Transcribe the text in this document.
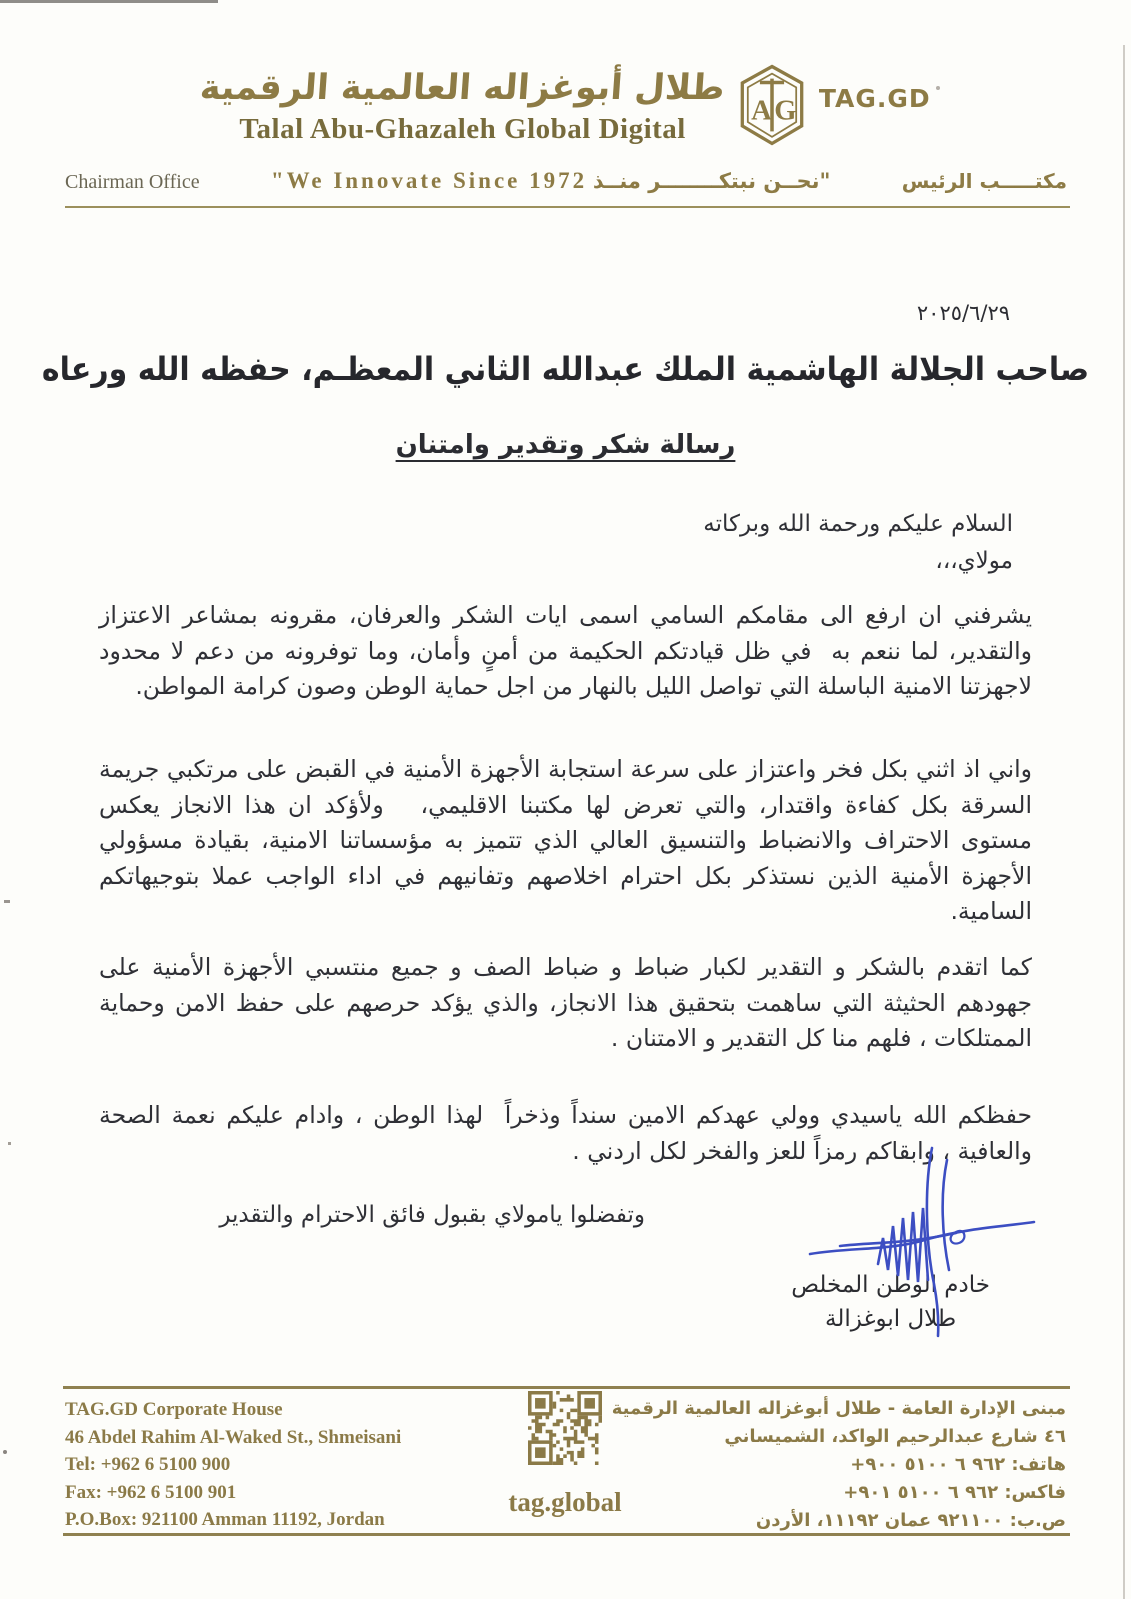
طلال أبوغزاله العالمية الرقمية
Talal Abu-Ghazaleh Global Digital
A G TAG.GD
Chairman Office	"We Innovate Since 1972 "نحــن نبتكــــــــر منــذ	مكتـــــب الرئيس
٢٠٢٥/٦/٢٩
صاحب الجلالة الهاشمية الملك عبدالله الثاني المعظـم، حفظه الله ورعاه
رسالة شكر وتقدير وامتنان
السلام عليكم ورحمة الله وبركاته
مولاي،،،
يشرفني ان ارفع الى مقامكم السامي اسمى ايات الشكر والعرفان، مقرونه بمشاعر الاعتزاز والتقدير، لما ننعم به  في ظل قيادتكم الحكيمة من أمنٍ وأمان، وما توفرونه من دعم لا محدود لاجهزتنا الامنية الباسلة التي تواصل الليل بالنهار من اجل حماية الوطن وصون كرامة المواطن.
واني اذ اثني بكل فخر واعتزاز على سرعة استجابة الأجهزة الأمنية في القبض على مرتكبي جريمة السرقة بكل كفاءة واقتدار، والتي تعرض لها مكتبنا الاقليمي،   ولأؤكد ان هذا الانجاز يعكس مستوى الاحتراف والانضباط والتنسيق العالي الذي تتميز به مؤسساتنا الامنية، بقيادة مسؤولي الأجهزة الأمنية الذين نستذكر بكل احترام اخلاصهم وتفانيهم في اداء الواجب عملا بتوجيهاتكم السامية.
كما اتقدم بالشكر و التقدير لكبار ضباط و ضباط الصف و جميع منتسبي الأجهزة الأمنية على جهودهم الحثيثة التي ساهمت بتحقيق هذا الانجاز، والذي يؤكد حرصهم على حفظ الامن وحماية الممتلكات ، فلهم منا كل التقدير و الامتنان .
حفظكم الله ياسيدي وولي عهدكم الامين سنداً وذخراً  لهذا الوطن ، وادام عليكم نعمة الصحة والعافية ، وابقاكم رمزاً للعز والفخر لكل اردني .
وتفضلوا يامولاي بقبول فائق الاحترام والتقدير
خادم الوطن المخلص
طلال ابوغزالة
TAG.GD Corporate House
46 Abdel Rahim Al-Waked St., Shmeisani
Tel: +962 6 5100 900
Fax: +962 6 5100 901
P.O.Box: 921100 Amman 11192, Jordan
tag.global
مبنى الإدارة العامة - طلال أبوغزاله العالمية الرقمية
٤٦ شارع عبدالرحيم الواكد، الشميساني
هاتف: +٩٦٢ ٦ ٥١٠٠ ٩٠٠
فاكس: +٩٦٢ ٦ ٥١٠٠ ٩٠١
ص.ب: ٩٢١١٠٠ عمان ١١١٩٢، الأردن
